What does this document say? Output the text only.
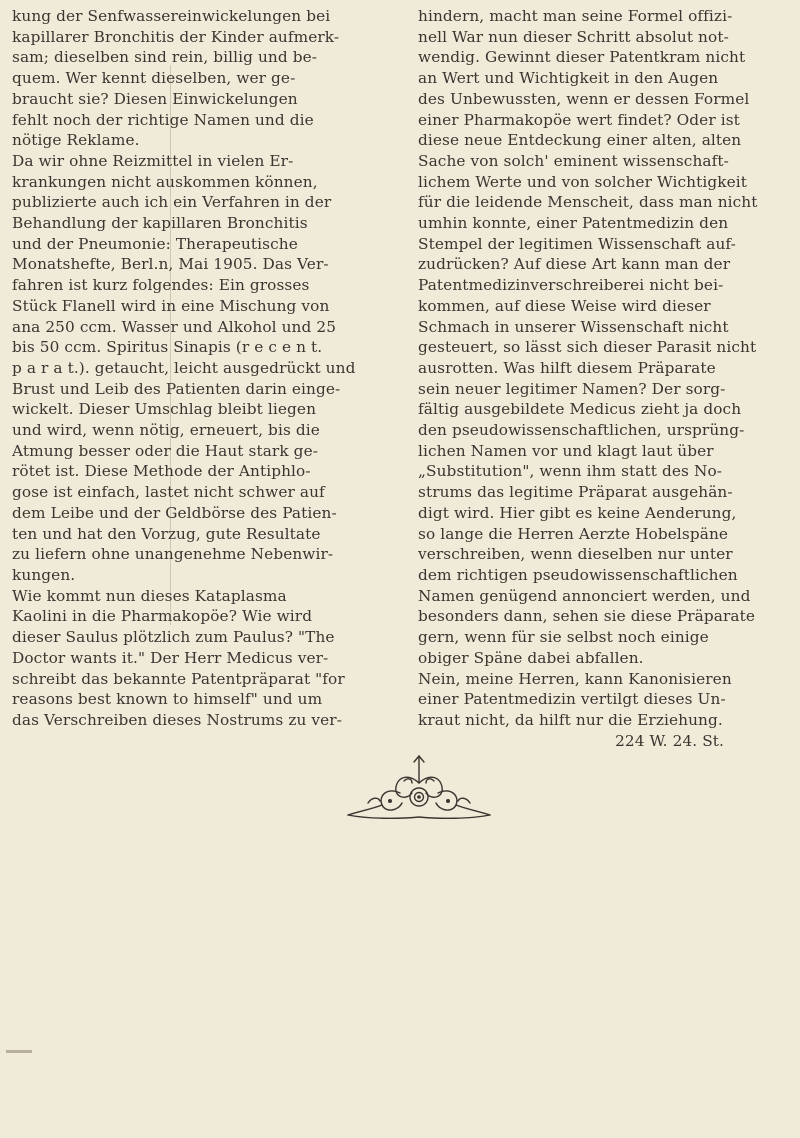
kung der Senfwassereinwickelungen bei
kapillarer Bronchitis der Kinder aufmerk-
sam; dieselben sind rein, billig und be-
quem. Wer kennt dieselben, wer ge-
braucht sie? Diesen Einwickelungen
fehlt noch der richtige Namen und die
nötige Reklame.
Da wir ohne Reizmittel in vielen Er-
krankungen nicht auskommen können,
publizierte auch ich ein Verfahren in der
Behandlung der kapillaren Bronchitis
und der Pneumonie: Therapeutische
Monatshefte, Berl.n, Mai 1905. Das Ver-
fahren ist kurz folgendes: Ein grosses
Stück Flanell wird in eine Mischung von
ana 250 ccm. Wasser und Alkohol und 25
bis 50 ccm. Spiritus Sinapis (r e c e n t.
p a r a t.). getaucht, leicht ausgedrückt und
Brust und Leib des Patienten darin einge-
wickelt. Dieser Umschlag bleibt liegen
und wird, wenn nötig, erneuert, bis die
Atmung besser oder die Haut stark ge-
rötet ist. Diese Methode der Antiphlo-
gose ist einfach, lastet nicht schwer auf
dem Leibe und der Geldbörse des Patien-
ten und hat den Vorzug, gute Resultate
zu liefern ohne unangenehme Nebenwir-
kungen.
Wie kommt nun dieses Kataplasma
Kaolini in die Pharmakopöe? Wie wird
dieser Saulus plötzlich zum Paulus? "The
Doctor wants it." Der Herr Medicus ver-
schreibt das bekannte Patentpräparat "for
reasons best known to himself" und um
das Verschreiben dieses Nostrums zu ver-
hindern, macht man seine Formel offizi-
nell War nun dieser Schritt absolut not-
wendig. Gewinnt dieser Patentkram nicht
an Wert und Wichtigkeit in den Augen
des Unbewussten, wenn er dessen Formel
einer Pharmakopöe wert findet? Oder ist
diese neue Entdeckung einer alten, alten
Sache von solch' eminent wissenschaft-
lichem Werte und von solcher Wichtigkeit
für die leidende Menscheit, dass man nicht
umhin konnte, einer Patentmedizin den
Stempel der legitimen Wissenschaft auf-
zudrücken? Auf diese Art kann man der
Patentmedizinverschreiberei nicht bei-
kommen, auf diese Weise wird dieser
Schmach in unserer Wissenschaft nicht
gesteuert, so lässt sich dieser Parasit nicht
ausrotten. Was hilft diesem Präparate
sein neuer legitimer Namen? Der sorg-
fältig ausgebildete Medicus zieht ja doch
den pseudowissenschaftlichen, ursprüng-
lichen Namen vor und klagt laut über
„Substitution", wenn ihm statt des No-
strums das legitime Präparat ausgehän-
digt wird. Hier gibt es keine Aenderung,
so lange die Herren Aerzte Hobelspäne
verschreiben, wenn dieselben nur unter
dem richtigen pseudowissenschaftlichen
Namen genügend annonciert werden, und
besonders dann, sehen sie diese Präparate
gern, wenn für sie selbst noch einige
obiger Späne dabei abfallen.
Nein, meine Herren, kann Kanonisieren
einer Patentmedizin vertilgt dieses Un-
kraut nicht, da hilft nur die Erziehung.
224 W. 24. St.
